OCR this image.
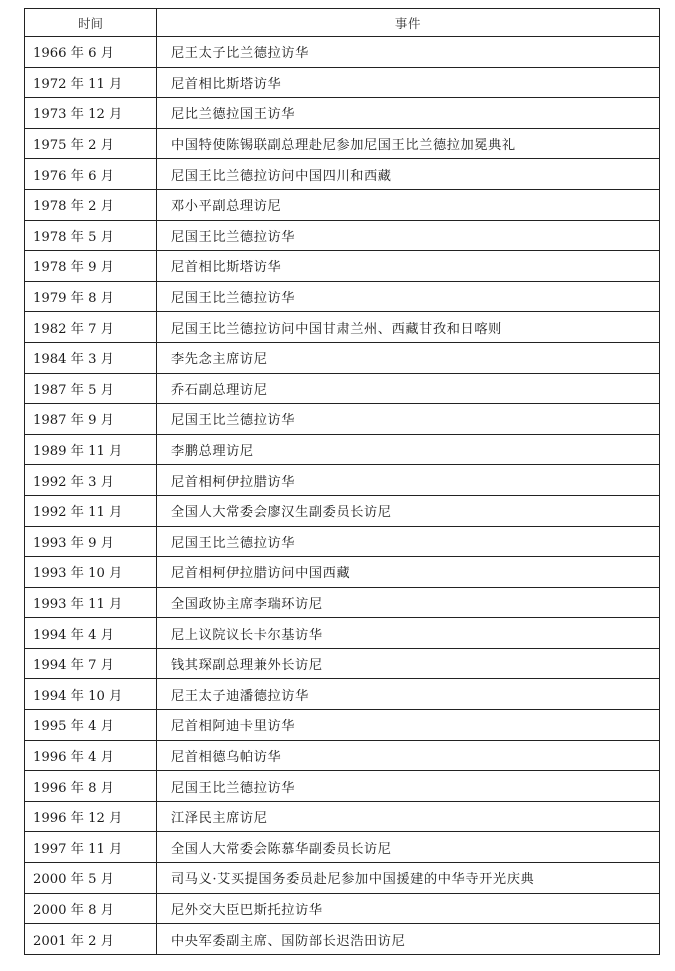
时间	事件
1966 年 6 月	尼王太子比兰德拉访华
1972 年 11 月	尼首相比斯塔访华
1973 年 12 月	尼比兰德拉国王访华
1975 年 2 月	中国特使陈锡联副总理赴尼参加尼国王比兰德拉加冕典礼
1976 年 6 月	尼国王比兰德拉访问中国四川和西藏
1978 年 2 月	邓小平副总理访尼
1978 年 5 月	尼国王比兰德拉访华
1978 年 9 月	尼首相比斯塔访华
1979 年 8 月	尼国王比兰德拉访华
1982 年 7 月	尼国王比兰德拉访问中国甘肃兰州、西藏甘孜和日喀则
1984 年 3 月	李先念主席访尼
1987 年 5 月	乔石副总理访尼
1987 年 9 月	尼国王比兰德拉访华
1989 年 11 月	李鹏总理访尼
1992 年 3 月	尼首相柯伊拉腊访华
1992 年 11 月	全国人大常委会廖汉生副委员长访尼
1993 年 9 月	尼国王比兰德拉访华
1993 年 10 月	尼首相柯伊拉腊访问中国西藏
1993 年 11 月	全国政协主席李瑞环访尼
1994 年 4 月	尼上议院议长卡尔基访华
1994 年 7 月	钱其琛副总理兼外长访尼
1994 年 10 月	尼王太子迪潘德拉访华
1995 年 4 月	尼首相阿迪卡里访华
1996 年 4 月	尼首相德乌帕访华
1996 年 8 月	尼国王比兰德拉访华
1996 年 12 月	江泽民主席访尼
1997 年 11 月	全国人大常委会陈慕华副委员长访尼
2000 年 5 月	司马义·艾买提国务委员赴尼参加中国援建的中华寺开光庆典
2000 年 8 月	尼外交大臣巴斯托拉访华
2001 年 2 月	中央军委副主席、国防部长迟浩田访尼
